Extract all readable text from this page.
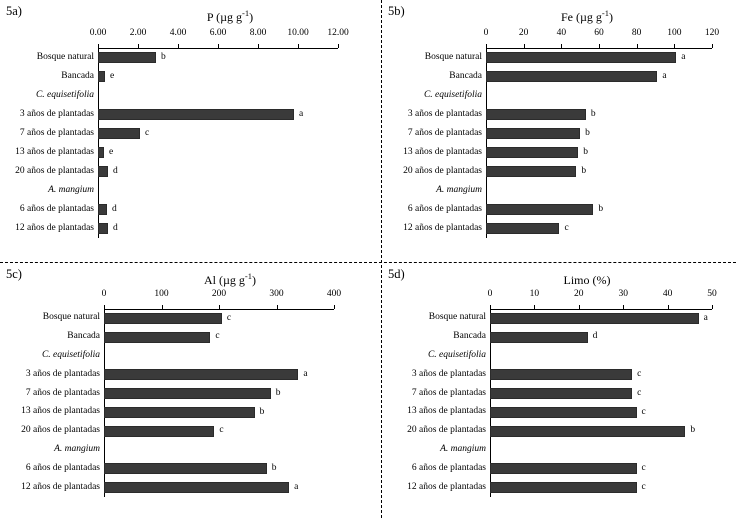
5a)	P (µg $g^{-1}$)
Bosque natural	b
Bancada	e
C. equisetifolia
3 años de plantadas	a
7 años de plantadas	c
13 años de plantadas	e
20 años de plantadas	d
A. mangium
6 años de plantadas	d
12 años de plantadas	d
0.00 2.00 4.00 6.00 8.00 10.00 12.00
5b)	Fe (µg $g^{-1}$)
Bosque natural	a
Bancada	a
C. equisetifolia
3 años de plantadas	b
7 años de plantadas	b
13 años de plantadas	b
20 años de plantadas	b
A. mangium
6 años de plantadas	b
12 años de plantadas	c
0	20	40	60	80	100 120
5c)	Al (µg $g^{-1}$)
Bosque natural	c
Bancada	c
C. equisetifolia
3 años de plantadas	a
7 años de plantadas	b
13 años de plantadas	b
20 años de plantadas	c
A. mangium
6 años de plantadas	b
12 años de plantadas	a
0	100	200	300	400
5d)	Limo (%)
Bosque natural	a
Bancada	d
C. equisetifolia
3 años de plantadas	c
7 años de plantadas	c
13 años de plantadas	c
20 años de plantadas	b
A. mangium
6 años de plantadas	c
12 años de plantadas	c
0	10	20	30	40	50
